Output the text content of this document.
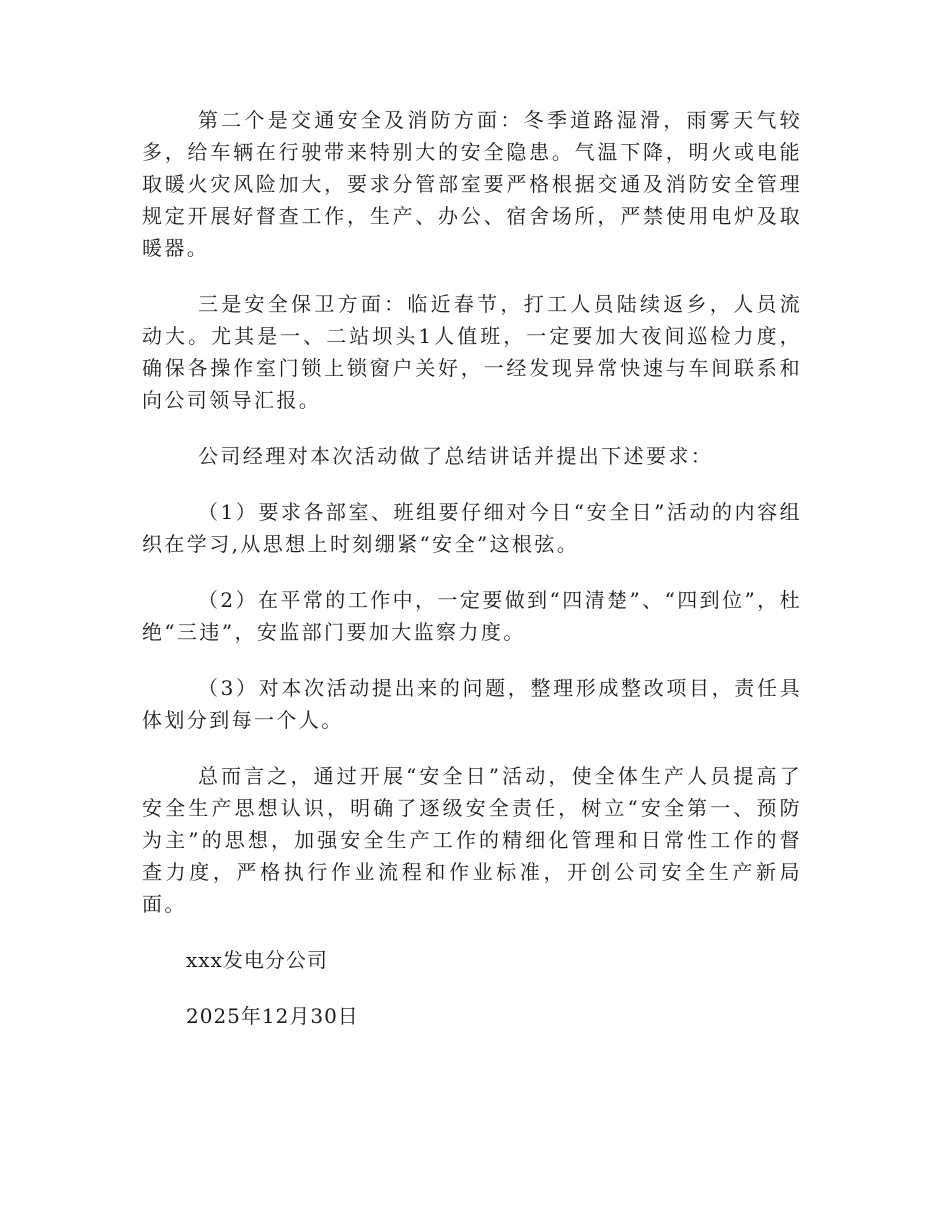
第二个是交通安全及消防方面：冬季道路湿滑，雨雾天气较多，给车辆在行驶带来特别大的安全隐患。气温下降，明火或电能取暖火灾风险加大，要求分管部室要严格根据交通及消防安全管理规定开展好督查工作，生产、办公、宿舍场所，严禁使用电炉及取暖器。

三是安全保卫方面：临近春节，打工人员陆续返乡，人员流动大。尤其是一、二站坝头1人值班，一定要加大夜间巡检力度，确保各操作室门锁上锁窗户关好，一经发现异常快速与车间联系和向公司领导汇报。

公司经理对本次活动做了总结讲话并提出下述要求：

（1）要求各部室、班组要仔细对今日“安全日”活动的内容组织在学习,从思想上时刻绷紧“安全”这根弦。

（2）在平常的工作中，一定要做到“四清楚”、“四到位”，杜绝“三违”，安监部门要加大监察力度。

（3）对本次活动提出来的问题，整理形成整改项目，责任具体划分到每一个人。

总而言之，通过开展“安全日”活动，使全体生产人员提高了安全生产思想认识，明确了逐级安全责任，树立“安全第一、预防为主”的思想，加强安全生产工作的精细化管理和日常性工作的督查力度，严格执行作业流程和作业标准，开创公司安全生产新局面。

xxx发电分公司
2025年12月30日
